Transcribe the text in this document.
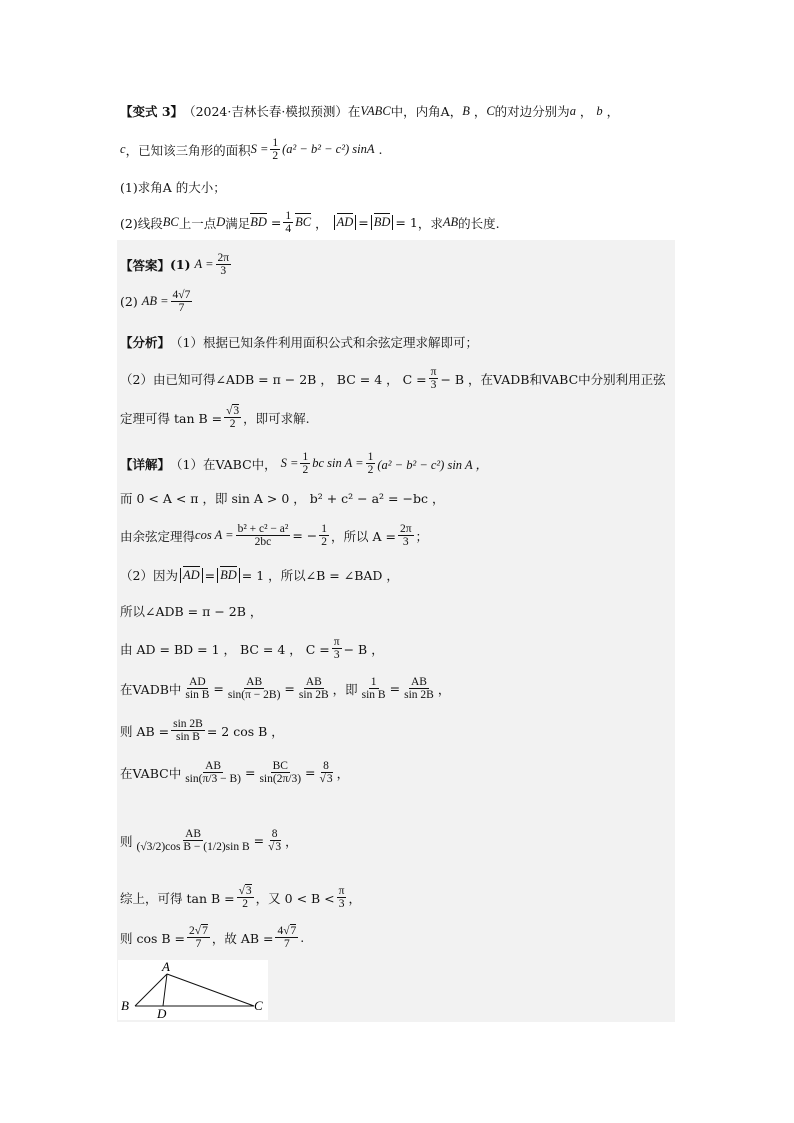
【变式 3】 （2024·吉林长春·模拟预测） 在 VABC 中，内角A， B ， C 的对边分别为 a ， b ，
c ，已知该三角形的面积 $S = \frac{1}{2} (a^2 - b^2 - c^2)$ sinA .
(1)求角A 的大小；
(2)线段 BC 上一点 D 满足 BD = $\frac{1}{4}$ BC ， AD = BD = 1 ，求 AB 的长度.
【答案】 (1)
$A = \frac{2\pi}{3}$
(2)
AB = $\frac{4√7}{7}$
【分析】 （1）根据已知条件利用面积公式和余弦定理求解即可；
（2）由已知可得∠ADB = π − 2B ， BC = 4 ， $C = \frac{\pi}{3} - B$ ，在VADB和VABC中分别利用正弦
定理可得 $\tan B = \frac{√3}{2}$ ，即可求解.
【详解】 （1）在VABC中，
$S = \frac{1}{2}$ bc $\sin A = \frac{1}{2} (a^2 - b^2 - c^2)$ sin A ，
而 0 < A < π ，即 sin A > 0 ， b² + c² − a² = −bc ，
由余弦定理得 $\cos A = \frac{\text{b² + c² − a²}}{2bc}$ = − $\frac{1}{2}$ ，所以 $A = \frac{2\pi}{3}$ ；
（2）因为 AD = BD = 1 ，所以∠B = ∠BAD ，
所以∠ADB = π − 2B ，
由 AD = BD = 1 ， BC = 4 ， $C = \frac{\pi}{3} - B$ ，
在VADB中 $\frac{AD}{\text{sin B}} = \frac{AB}{\sin(\pi - 2B)} = \frac{AB}{\sin 2B}$ ，即 $\frac{1}{\text{sin B}} = \frac{AB}{\sin 2B}$ ，
则 AB = $\frac{\sin 2B}{\text{sin B}} = 2$ cos B ，
在VABC中 $\frac{AB}{\sin(\pi/3 - B)} = \frac{BC}{\sin(2\pi/3)} = \frac{8}{√3}$ ，
则 $\frac{AB}{\text{(√3/2)cos B − (1/2)sin B}} = \frac{8}{√3}$ ，
综上，可得 $\tan B = \frac{√3}{2}$ ，又 $0 < B < \frac{\pi}{3}$ ，
则 $\cos B = \frac{2√7}{7}$ ，故 AB = $\frac{4√7}{7}$ .
A
B	C
D
